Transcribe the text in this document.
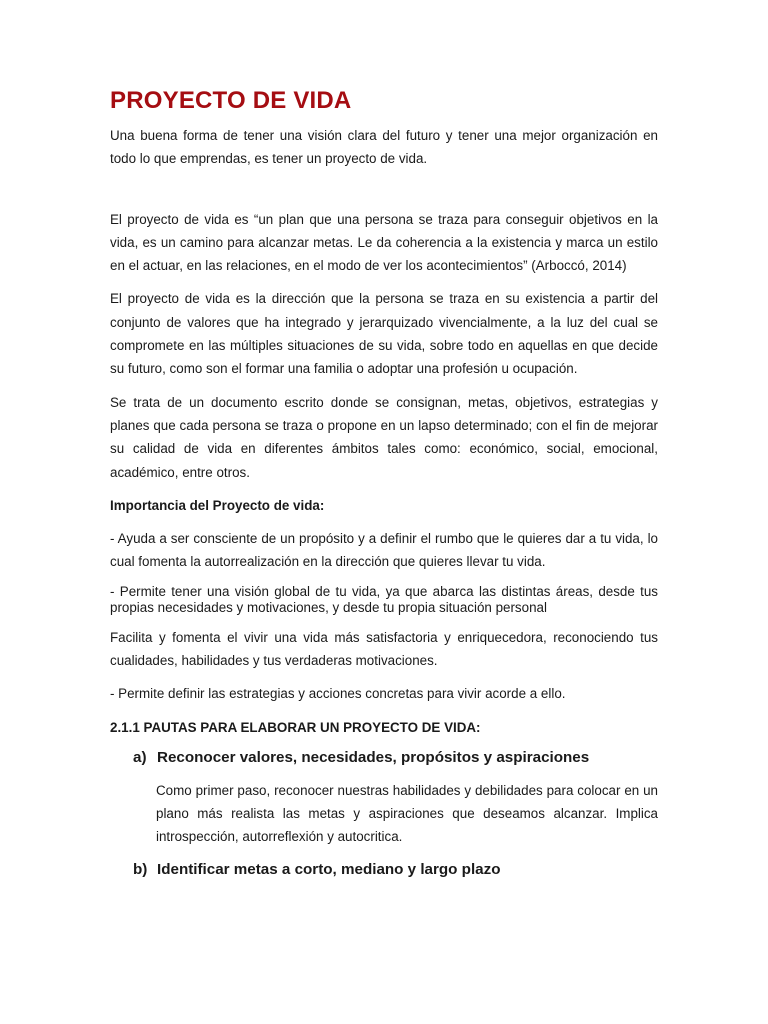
PROYECTO DE VIDA

Una buena forma de tener una visión clara del futuro y tener una mejor organización en todo lo que emprendas, es tener un proyecto de vida.

El proyecto de vida es “un plan que una persona se traza para conseguir objetivos en la vida, es un camino para alcanzar metas. Le da coherencia a la existencia y marca un estilo en el actuar, en las relaciones, en el modo de ver los acontecimientos” (Arboccó, 2014)

El proyecto de vida es la dirección que la persona se traza en su existencia a partir del conjunto de valores que ha integrado y jerarquizado vivencialmente, a la luz del cual se compromete en las múltiples situaciones de su vida, sobre todo en aquellas en que decide su futuro, como son el formar una familia o adoptar una profesión u ocupación.

Se trata de un documento escrito donde se consignan, metas, objetivos, estrategias y planes que cada persona se traza o propone en un lapso determinado; con el fin de mejorar su calidad de vida en diferentes ámbitos tales como: económico, social, emocional, académico, entre otros.

Importancia del Proyecto de vida:

- Ayuda a ser consciente de un propósito y a definir el rumbo que le quieres dar a tu vida, lo cual fomenta la autorrealización en la dirección que quieres llevar tu vida.

- Permite tener una visión global de tu vida, ya que abarca las distintas áreas, desde tus propias necesidades y motivaciones, y desde tu propia situación personal

Facilita y fomenta el vivir una vida más satisfactoria y enriquecedora, reconociendo tus cualidades, habilidades y tus verdaderas motivaciones.

- Permite definir las estrategias y acciones concretas para vivir acorde a ello.

2.1.1 PAUTAS PARA ELABORAR UN PROYECTO DE VIDA:

a) Reconocer valores, necesidades, propósitos y aspiraciones

Como primer paso, reconocer nuestras habilidades y debilidades para colocar en un plano más realista las metas y aspiraciones que deseamos alcanzar. Implica introspección, autorreflexión y autocritica.

b) Identificar metas a corto, mediano y largo plazo
